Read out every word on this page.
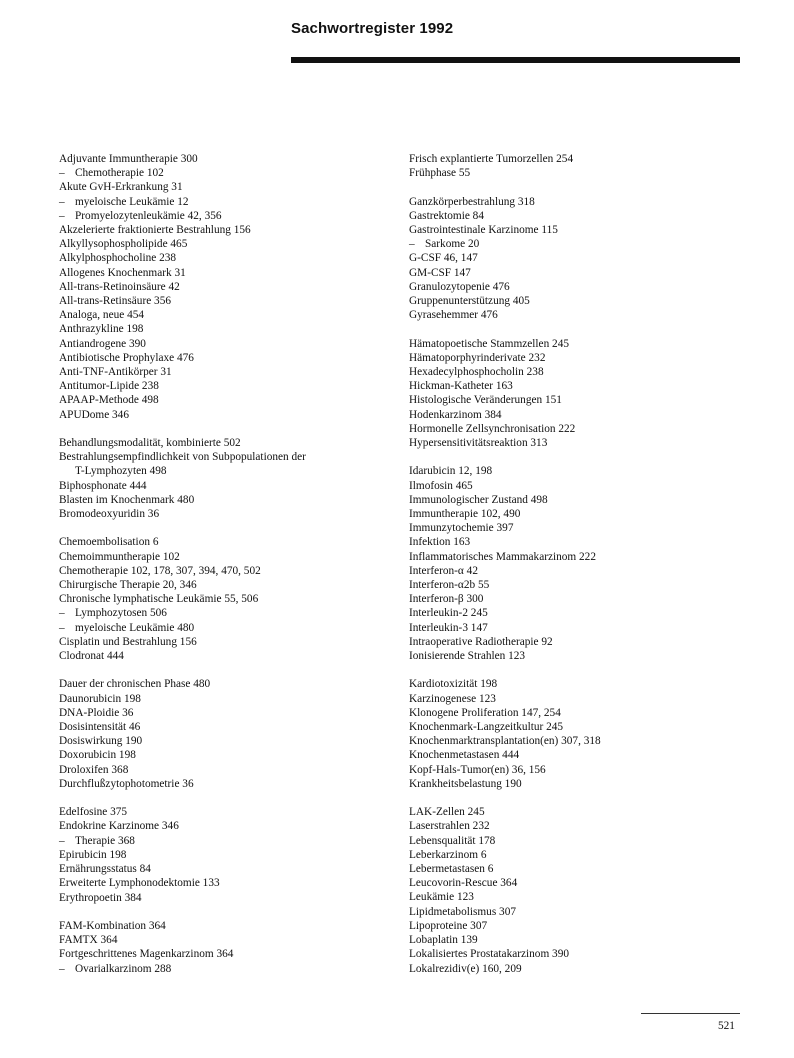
Sachwortregister 1992
Adjuvante Immuntherapie 300
– Chemotherapie 102
Akute GvH-Erkrankung 31
– myeloische Leukämie 12
– Promyelozytenleukämie 42, 356
Akzelerierte fraktionierte Bestrahlung 156
Alkyllysophospholipide 465
Alkylphosphocholine 238
Allogenes Knochenmark 31
All-trans-Retinoinsäure 42
All-trans-Retinsäure 356
Analoga, neue 454
Anthrazykline 198
Antiandrogene 390
Antibiotische Prophylaxe 476
Anti-TNF-Antikörper 31
Antitumor-Lipide 238
APAAP-Methode 498
APUDome 346
Behandlungsmodalität, kombinierte 502
Bestrahlungsempfindlichkeit von Subpopulationen der
T-Lymphozyten 498
Biphosphonate 444
Blasten im Knochenmark 480
Bromodeoxyuridin 36
Chemoembolisation 6
Chemoimmuntherapie 102
Chemotherapie 102, 178, 307, 394, 470, 502
Chirurgische Therapie 20, 346
Chronische lymphatische Leukämie 55, 506
– Lymphozytosen 506
– myeloische Leukämie 480
Cisplatin und Bestrahlung 156
Clodronat 444
Dauer der chronischen Phase 480
Daunorubicin 198
DNA-Ploidie 36
Dosisintensität 46
Dosiswirkung 190
Doxorubicin 198
Droloxifen 368
Durchflußzytophotometrie 36
Edelfosine 375
Endokrine Karzinome 346
– Therapie 368
Epirubicin 198
Ernährungsstatus 84
Erweiterte Lymphonodektomie 133
Erythropoetin 384
FAM-Kombination 364
FAMTX 364
Fortgeschrittenes Magenkarzinom 364
– Ovarialkarzinom 288
Frisch explantierte Tumorzellen 254
Frühphase 55
Ganzkörperbestrahlung 318
Gastrektomie 84
Gastrointestinale Karzinome 115
– Sarkome 20
G-CSF 46, 147
GM-CSF 147
Granulozytopenie 476
Gruppenunterstützung 405
Gyrasehemmer 476
Hämatopoetische Stammzellen 245
Hämatoporphyrinderivate 232
Hexadecylphosphocholin 238
Hickman-Katheter 163
Histologische Veränderungen 151
Hodenkarzinom 384
Hormonelle Zellsynchronisation 222
Hypersensitivitätsreaktion 313
Idarubicin 12, 198
Ilmofosin 465
Immunologischer Zustand 498
Immuntherapie 102, 490
Immunzytochemie 397
Infektion 163
Inflammatorisches Mammakarzinom 222
Interferon-α 42
Interferon-α2b 55
Interferon-β 300
Interleukin-2 245
Interleukin-3 147
Intraoperative Radiotherapie 92
Ionisierende Strahlen 123
Kardiotoxizität 198
Karzinogenese 123
Klonogene Proliferation 147, 254
Knochenmark-Langzeitkultur 245
Knochenmarktransplantation(en) 307, 318
Knochenmetastasen 444
Kopf-Hals-Tumor(en) 36, 156
Krankheitsbelastung 190
LAK-Zellen 245
Laserstrahlen 232
Lebensqualität 178
Leberkarzinom 6
Lebermetastasen 6
Leucovorin-Rescue 364
Leukämie 123
Lipidmetabolismus 307
Lipoproteine 307
Lobaplatin 139
Lokalisiertes Prostatakarzinom 390
Lokalrezidiv(e) 160, 209
521
